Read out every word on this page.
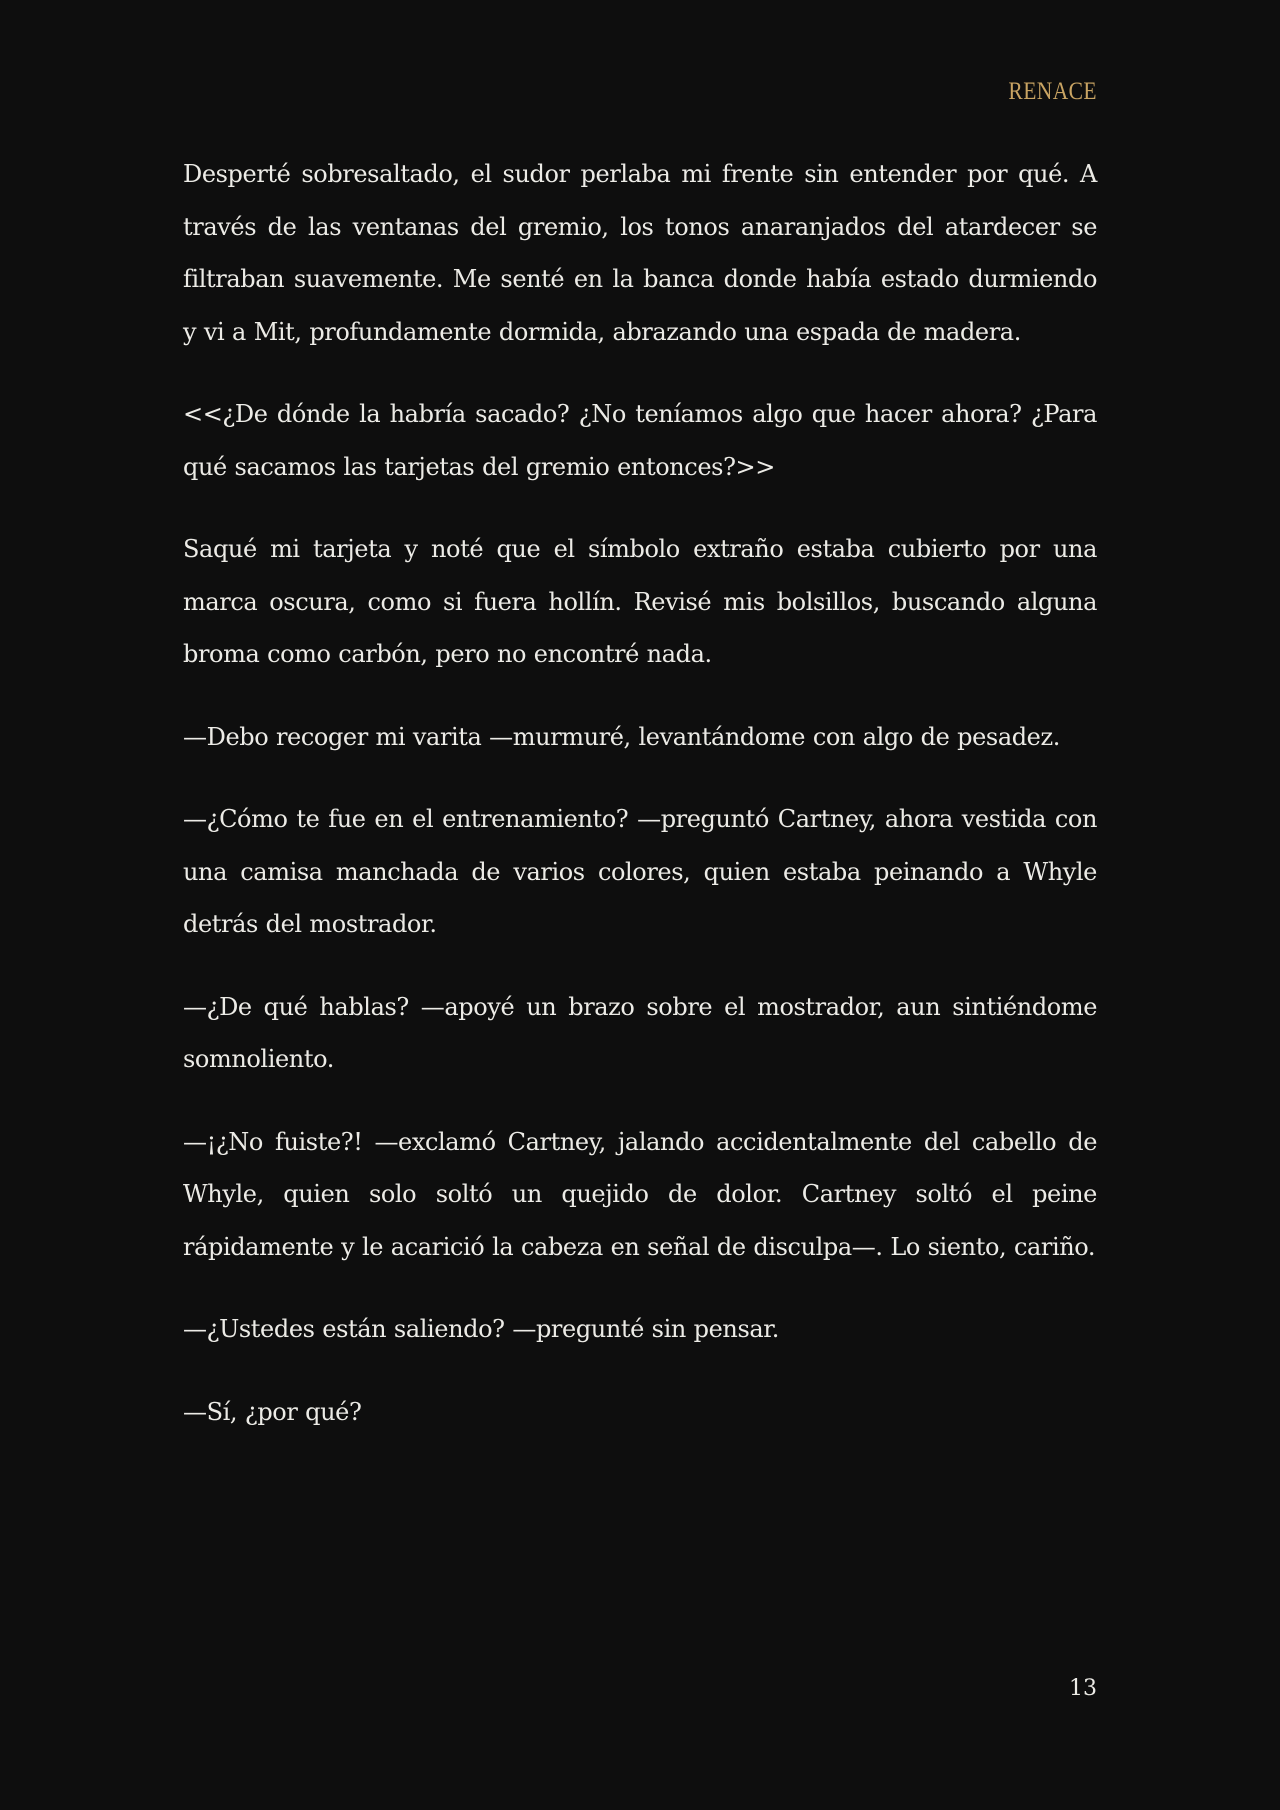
RENACE

Desperté sobresaltado, el sudor perlaba mi frente sin entender por qué. A través de las ventanas del gremio, los tonos anaranjados del atardecer se filtraban suavemente. Me senté en la banca donde había estado durmiendo y vi a Mit, profundamente dormida, abrazando una espada de madera.

<<¿De dónde la habría sacado? ¿No teníamos algo que hacer ahora? ¿Para qué sacamos las tarjetas del gremio entonces?>>

Saqué mi tarjeta y noté que el símbolo extraño estaba cubierto por una marca oscura, como si fuera hollín. Revisé mis bolsillos, buscando alguna broma como carbón, pero no encontré nada.

—Debo recoger mi varita —murmuré, levantándome con algo de pesadez.

—¿Cómo te fue en el entrenamiento? —preguntó Cartney, ahora vestida con una camisa manchada de varios colores, quien estaba peinando a Whyle detrás del mostrador.

—¿De qué hablas? —apoyé un brazo sobre el mostrador, aun sintiéndome somnoliento.

—¡¿No fuiste?! —exclamó Cartney, jalando accidentalmente del cabello de Whyle, quien solo soltó un quejido de dolor. Cartney soltó el peine rápidamente y le acarició la cabeza en señal de disculpa—. Lo siento, cariño.

—¿Ustedes están saliendo? —pregunté sin pensar.

—Sí, ¿por qué?

13
